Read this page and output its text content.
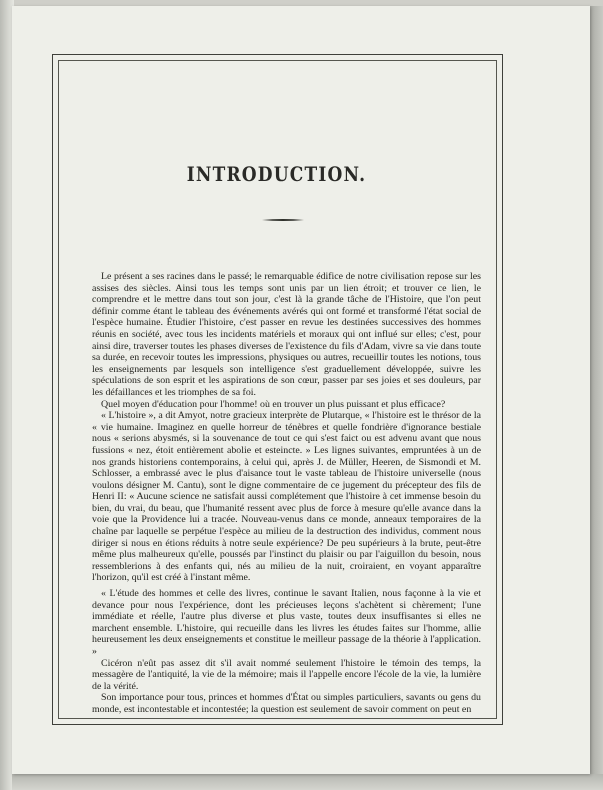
INTRODUCTION.

Le présent a ses racines dans le passé; le remarquable édifice de notre civilisation repose sur les assises des siècles. Ainsi tous les temps sont unis par un lien étroit; et trouver ce lien, le comprendre et le mettre dans tout son jour, c'est là la grande tâche de l'Histoire, que l'on peut définir comme étant le tableau des événements avérés qui ont formé et transformé l'état social de l'espèce humaine. Étudier l'histoire, c'est passer en revue les destinées successives des hommes réunis en société, avec tous les incidents matériels et moraux qui ont influé sur elles; c'est, pour ainsi dire, traverser toutes les phases diverses de l'existence du fils d'Adam, vivre sa vie dans toute sa durée, en recevoir toutes les impressions, physiques ou autres, recueillir toutes les notions, tous les enseignements par lesquels son intelligence s'est graduellement développée, suivre les spéculations de son esprit et les aspirations de son cœur, passer par ses joies et ses douleurs, par les défaillances et les triomphes de sa foi.

Quel moyen d'éducation pour l'homme! où en trouver un plus puissant et plus efficace?

« L'histoire », a dit Amyot, notre gracieux interprète de Plutarque, « l'histoire est le thrésor de la « vie humaine. Imaginez en quelle horreur de ténèbres et quelle fondrière d'ignorance bestiale nous « serions abysmés, si la souvenance de tout ce qui s'est faict ou est advenu avant que nous fussions « nez, étoit entièrement abolie et esteincte. » Les lignes suivantes, empruntées à un de nos grands historiens contemporains, à celui qui, après J. de Müller, Heeren, de Sismondi et M. Schlosser, a embrassé avec le plus d'aisance tout le vaste tableau de l'histoire universelle (nous voulons désigner M. Cantu), sont le digne commentaire de ce jugement du précepteur des fils de Henri II: « Aucune science ne satisfait aussi complétement que l'histoire à cet immense besoin du bien, du vrai, du beau, que l'humanité ressent avec plus de force à mesure qu'elle avance dans la voie que la Providence lui a tracée. Nouveau-venus dans ce monde, anneaux temporaires de la chaîne par laquelle se perpétue l'espèce au milieu de la destruction des individus, comment nous diriger si nous en étions réduits à notre seule expérience? De peu supérieurs à la brute, peut-être même plus malheureux qu'elle, poussés par l'instinct du plaisir ou par l'aiguillon du besoin, nous ressemblerions à des enfants qui, nés au milieu de la nuit, croiraient, en voyant apparaître l'horizon, qu'il est créé à l'instant même.

« L'étude des hommes et celle des livres, continue le savant Italien, nous façonne à la vie et devance pour nous l'expérience, dont les précieuses leçons s'achètent si chèrement; l'une immédiate et réelle, l'autre plus diverse et plus vaste, toutes deux insuffisantes si elles ne marchent ensemble. L'histoire, qui recueille dans les livres les études faites sur l'homme, allie heureusement les deux enseignements et constitue le meilleur passage de la théorie à l'application. »

Cicéron n'eût pas assez dit s'il avait nommé seulement l'histoire le témoin des temps, la messagère de l'antiquité, la vie de la mémoire; mais il l'appelle encore l'école de la vie, la lumière de la vérité.

Son importance pour tous, princes et hommes d'État ou simples particuliers, savants ou gens du monde, est incontestable et incontestée; la question est seulement de savoir comment on peut en
